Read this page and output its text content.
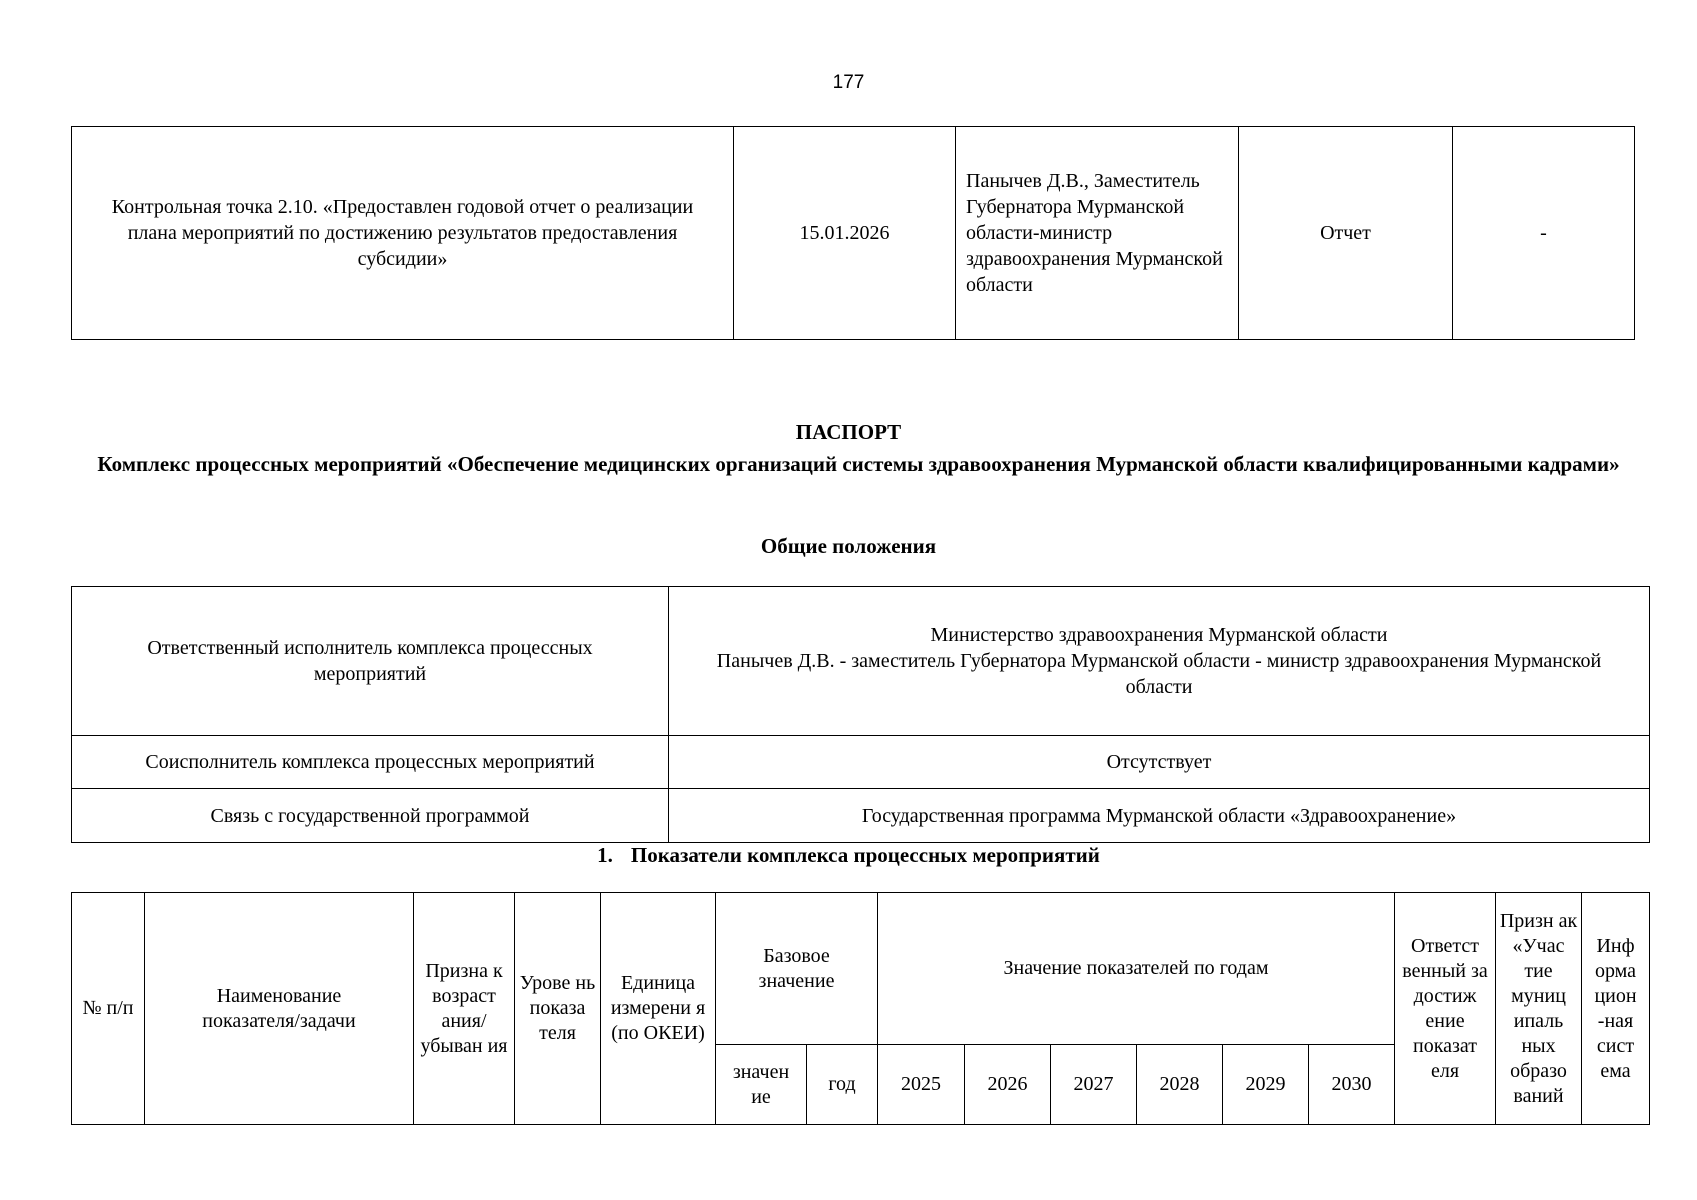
177
Контрольная точка 2.10. «Предоставлен годовой отчет о реализации плана мероприятий по достижению результатов предоставления субсидии»	15.01.2026	Панычев Д.В., Заместитель Губернатора Мурманской области-министр здравоохранения Мурманской области	Отчет	-
ПАСПОРТ
Комплекс процессных мероприятий «Обеспечение медицинских организаций системы здравоохранения Мурманской области квалифицированными кадрами»
Общие положения
Ответственный исполнитель комплекса процессных мероприятий	Министерство здравоохранения Мурманской области
Панычев Д.В. - заместитель Губернатора Мурманской области - министр здравоохранения Мурманской области

Соисполнитель комплекса процессных мероприятий	Отсутствует
Связь с государственной программой	Государственная программа Мурманской области «Здравоохранение»
1. Показатели комплекса процессных мероприятий
№ п/п	Наименование показателя/задачи	Призна к возраст ания/ убыван ия	Урове нь показа теля	Единица измерени я (по ОКЕИ)	Базовое значение		Значение показателей по годам						Ответст венный за достиж ение показат еля	Призн ак «Учас тие муниц ипаль ных образо ваний	Инф орма цион -ная сист ема
					значен ие	год	2025	2026	2027	2028	2029	2030			
